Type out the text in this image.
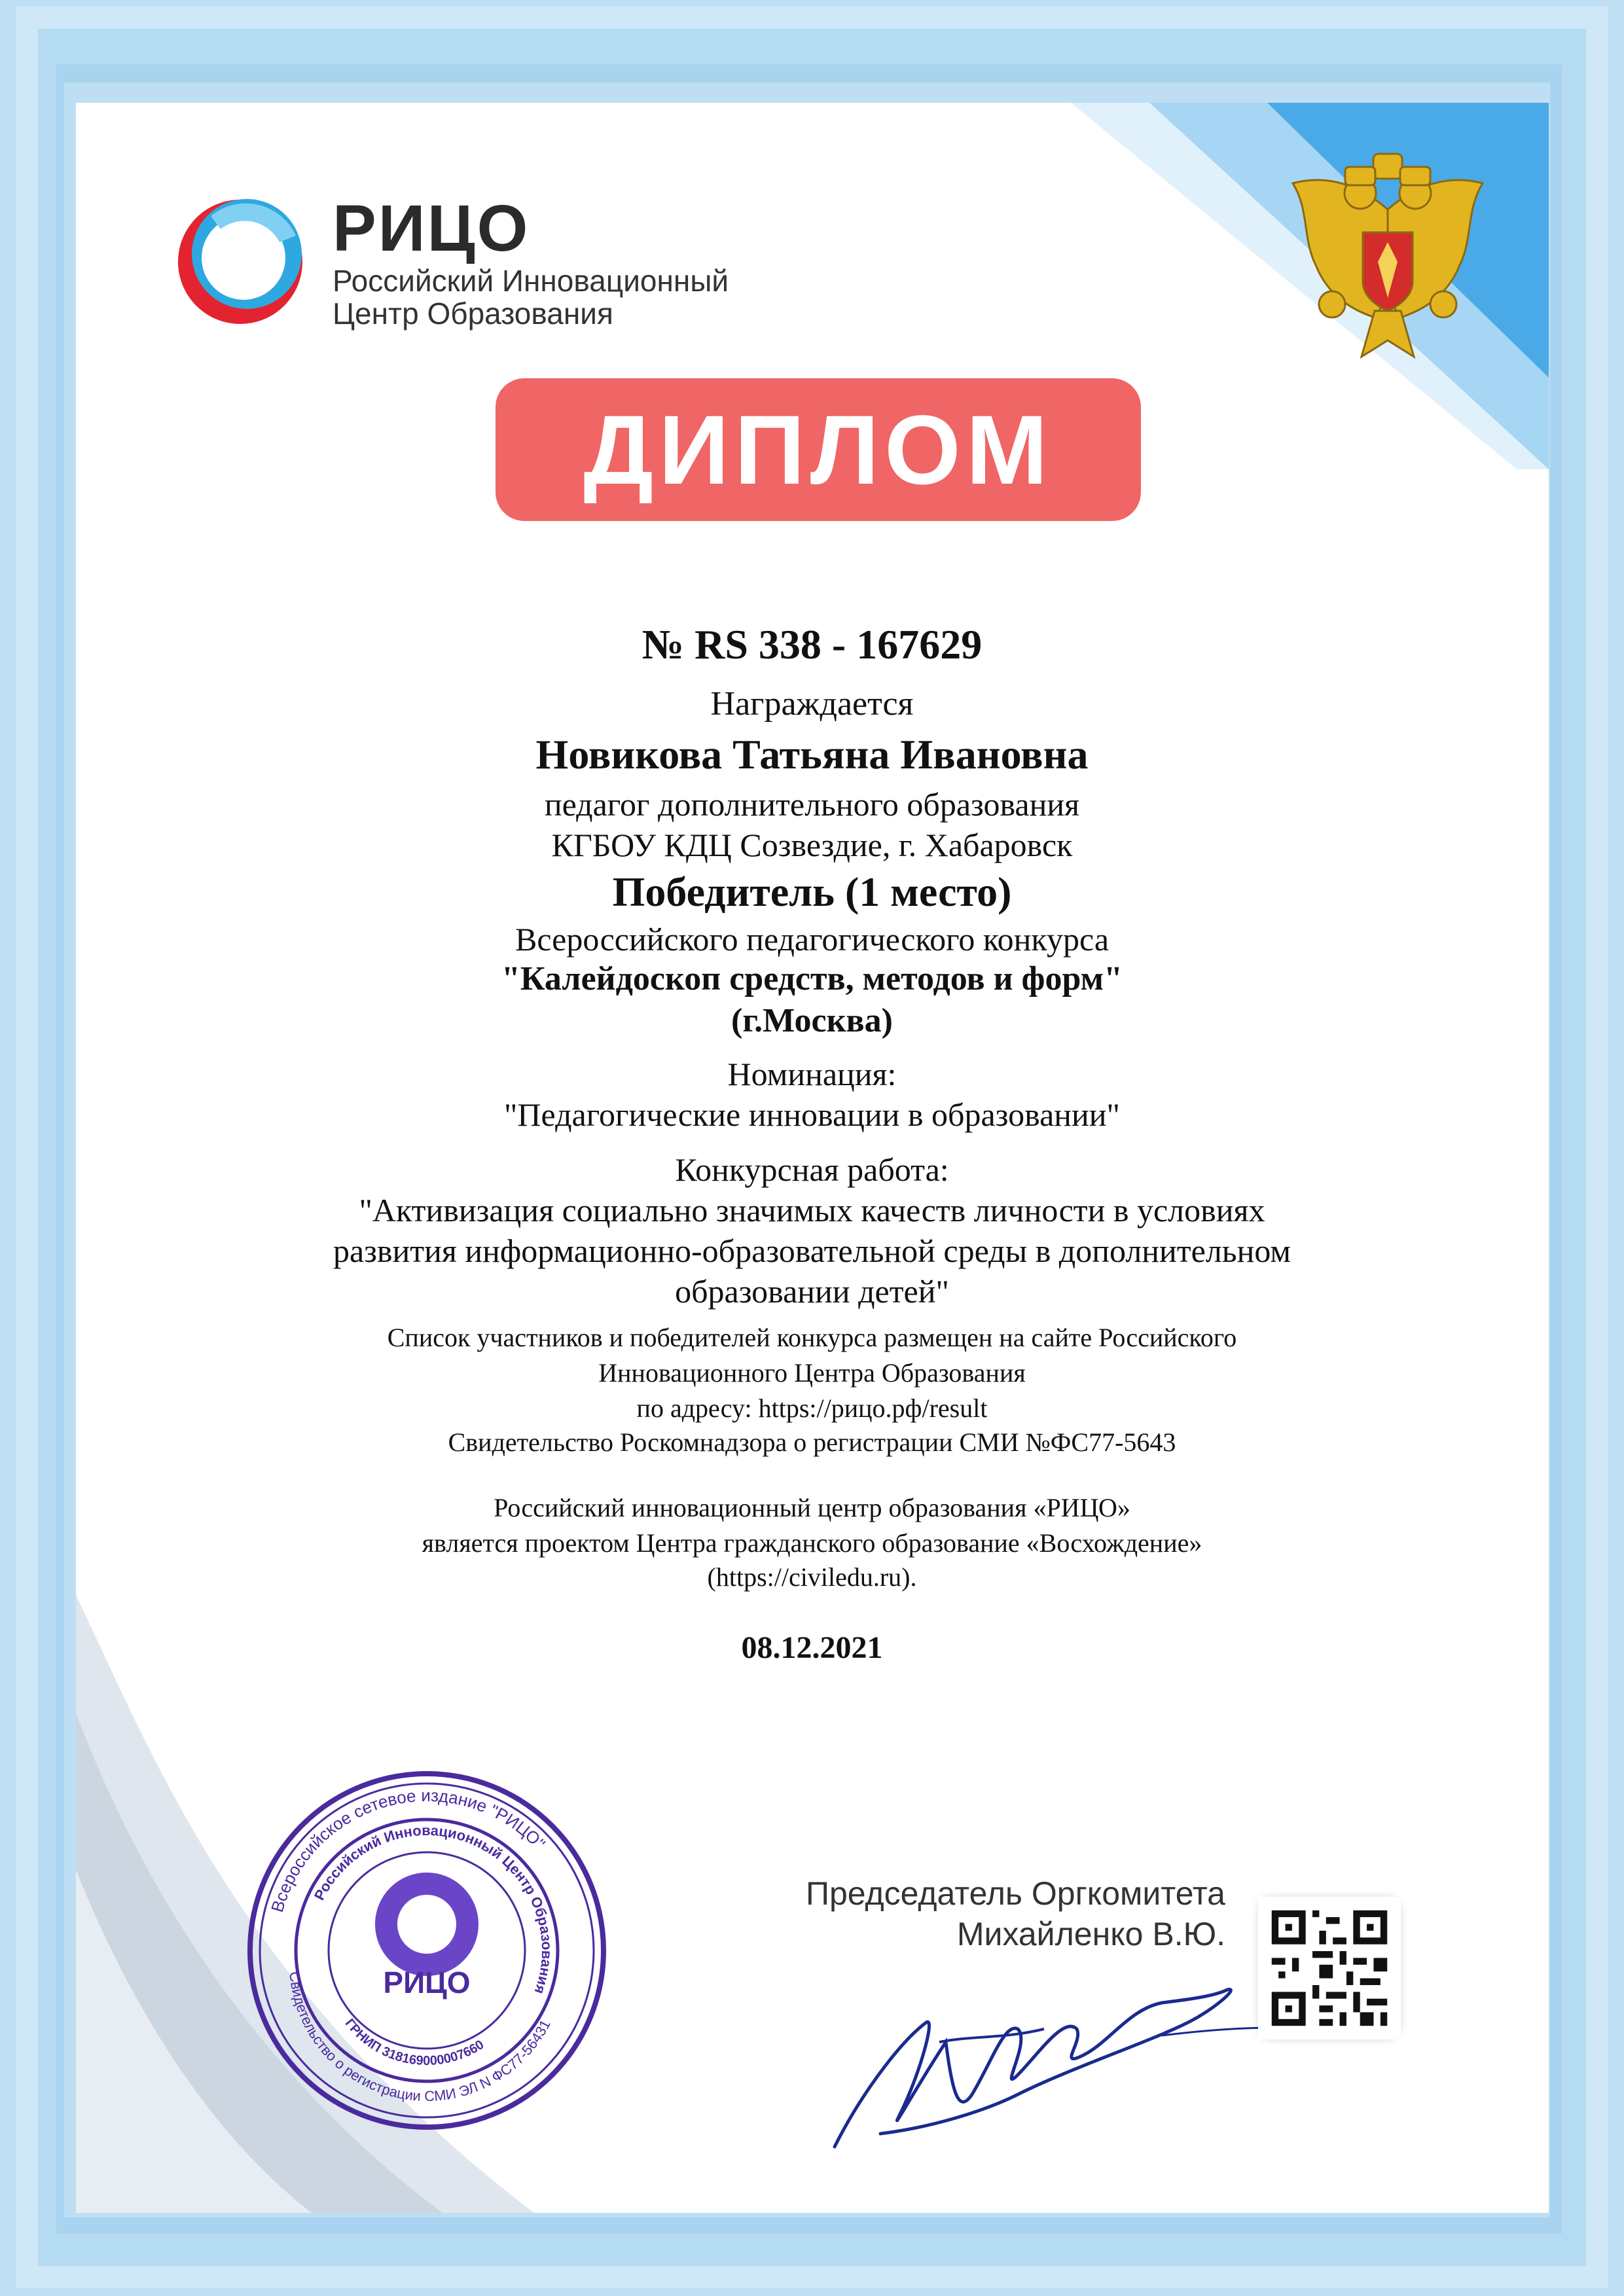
РИЦО
Российский Инновационный
Центр Образования
ДИПЛОМ
№ RS 338 - 167629
Награждается
Новикова Татьяна Ивановна
педагог дополнительного образования
КГБОУ КДЦ Созвездие, г. Хабаровск
Победитель (1 место)
Всероссийского педагогического конкурса
"Калейдоскоп средств, методов и форм"
(г.Москва)
Номинация:
"Педагогические инновации в образовании"
Конкурсная работа:
"Активизация социально значимых качеств личности в условиях
развития информационно-образовательной среды в дополнительном
образовании детей"
Список участников и победителей конкурса размещен на сайте Российского
Инновационного Центра Образования
по адресу: https://рицо.рф/result
Свидетельство Роскомнадзора о регистрации СМИ №ФС77-5643
Российский инновационный центр образования «РИЦО»
является проектом Центра гражданского образование «Восхождение»
(https://civiledu.ru).
08.12.2021
Всероссийское сетевое издание "РИЦО"
Российский Инновационный Центр Образования
Свидетельство о регистрации СМИ ЭЛ N ФС77-56431
ГРНИП 318169000007660
РИЦО
Председатель Оргкомитета
Михайленко В.Ю.
